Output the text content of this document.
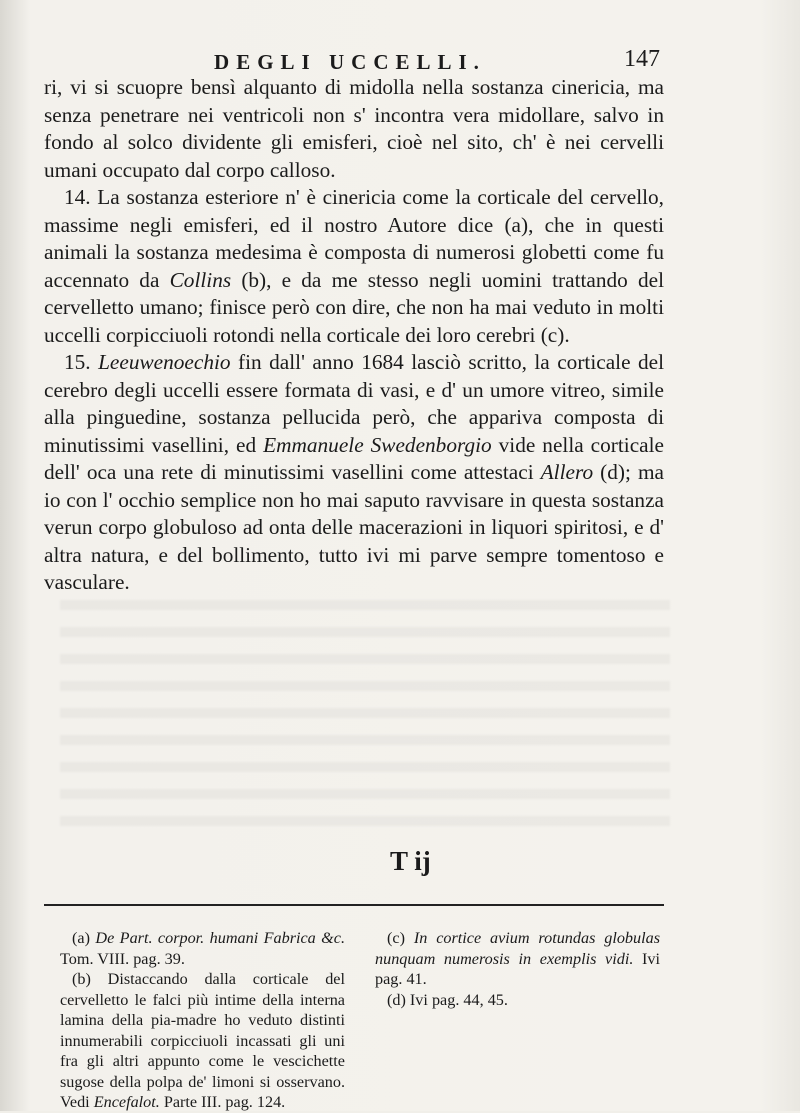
DEGLI UCCELLI.	147

ri, vi si scuopre bensì alquanto di midolla nella sostanza cinericia, ma senza penetrare nei ventricoli non s' incontra vera midollare, salvo in fondo al solco dividente gli emisferi, cioè nel sito, ch' è nei cervelli umani occupato dal corpo calloso.

14. La sostanza esteriore n' è cinericia come la corticale del cervello, massime negli emisferi, ed il nostro Autore dice (a), che in questi animali la sostanza medesima è composta di numerosi globetti come fu accennato da Collins (b), e da me stesso negli uomini trattando del cervelletto umano; finisce però con dire, che non ha mai veduto in molti uccelli corpicciuoli rotondi nella corticale dei loro cerebri (c).

15. Leeuwenoechio fin dall' anno 1684 lasciò scritto, la corticale del cerebro degli uccelli essere formata di vasi, e d' un umore vitreo, simile alla pinguedine, sostanza pellucida però, che appariva composta di minutissimi vasellini, ed Emmanuele Swedenborgio vide nella corticale dell' oca una rete di minutissimi vasellini come attestaci Allero (d); ma io con l' occhio semplice non ho mai saputo ravvisare in questa sostanza verun corpo globuloso ad onta delle macerazioni in liquori spiritosi, e d' altra natura, e del bollimento, tutto ivi mi parve sempre tomentoso e vasculare.

T ij

(a) De Part. corpor. humani Fabrica &c. Tom. VIII. pag. 39.

(b) Distaccando dalla corticale del cervelletto le falci più intime della interna lamina della pia-madre ho veduto distinti innumerabili corpicciuoli incassati gli uni fra gli altri appunto come le vescichette sugose della polpa de' limoni si osservano. Vedi Encefalot. Parte III. pag. 124.

(c) In cortice avium rotundas globulas nunquam numerosis in exemplis vidi. Ivi pag. 41.

(d) Ivi pag. 44, 45.
